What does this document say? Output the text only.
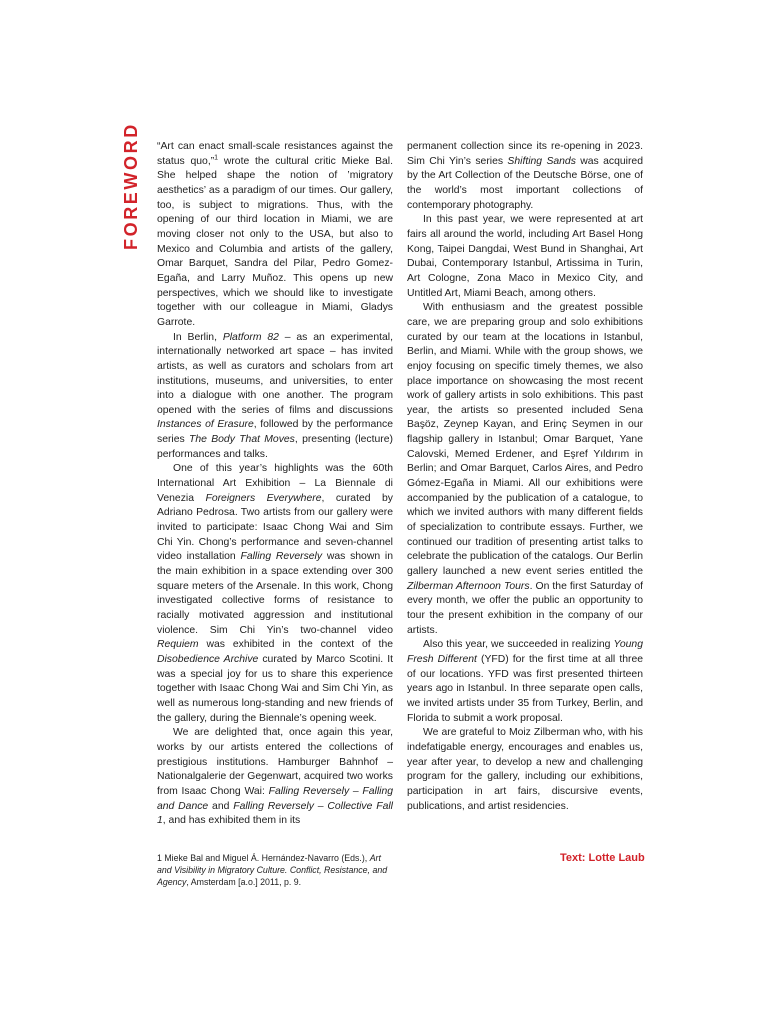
FOREWORD “Art can enact small-scale resistances against the status quo,”$^1$ wrote the cultural critic Mieke Bal. She helped shape the notion of ’migratory aesthetics’ as a paradigm of our times. Our gallery, too, is subject to migrations. Thus, with the opening of our third location in Miami, we are moving closer not only to the USA, but also to Mexico and Columbia and artists of the gallery, Omar Barquet, Sandra del Pilar, Pedro Gomez-Egaña, and Larry Muñoz. This opens up new perspectives, which we should like to investigate together with our colleague in Miami, Gladys Garrote.

In Berlin, Platform 82 – as an experimental, internationally networked art space – has invited artists, as well as curators and scholars from art institutions, museums, and universities, to enter into a dialogue with one another. The program opened with the series of films and discussions Instances of Erasure, followed by the performance series The Body That Moves, presenting (lecture) performances and talks.

One of this year’s highlights was the 60th International Art Exhibition – La Biennale di Venezia Foreigners Everywhere, curated by Adriano Pedrosa. Two artists from our gallery were invited to participate: Isaac Chong Wai and Sim Chi Yin. Chong’s performance and seven-channel video installation Falling Reversely was shown in the main exhibition in a space extending over 300 square meters of the Arsenale. In this work, Chong investigated collective forms of resistance to racially motivated aggression and institutional violence. Sim Chi Yin’s two-channel video Requiem was exhibited in the context of the Disobedience Archive curated by Marco Scotini. It was a special joy for us to share this experience together with Isaac Chong Wai and Sim Chi Yin, as well as numerous long-standing and new friends of the gallery, during the Biennale’s opening week.

We are delighted that, once again this year, works by our artists entered the collections of prestigious institutions. Hamburger Bahnhof – Nationalgalerie der Gegenwart, acquired two works from Isaac Chong Wai: Falling Reversely – Falling and Dance and Falling Reversely – Collective Fall 1, and has exhibited them in its

permanent collection since its re-opening in 2023. Sim Chi Yin’s series Shifting Sands was acquired by the Art Collection of the Deutsche Börse, one of the world’s most important collections of contemporary photography.

In this past year, we were represented at art fairs all around the world, including Art Basel Hong Kong, Taipei Dangdai, West Bund in Shanghai, Art Dubai, Contemporary Istanbul, Artissima in Turin, Art Cologne, Zona Maco in Mexico City, and Untitled Art, Miami Beach, among others.

With enthusiasm and the greatest possible care, we are preparing group and solo exhibitions curated by our team at the locations in Istanbul, Berlin, and Miami. While with the group shows, we enjoy focusing on specific timely themes, we also place importance on showcasing the most recent work of gallery artists in solo exhibitions. This past year, the artists so presented included Sena Başöz, Zeynep Kayan, and Erinç Seymen in our flagship gallery in Istanbul; Omar Barquet, Yane Calovski, Memed Erdener, and Eşref Yıldırım in Berlin; and Omar Barquet, Carlos Aires, and Pedro Gómez-Egaña in Miami. All our exhibitions were accompanied by the publication of a catalogue, to which we invited authors with many different fields of specialization to contribute essays. Further, we continued our tradition of presenting artist talks to celebrate the publication of the catalogs. Our Berlin gallery launched a new event series entitled the Zilberman Afternoon Tours. On the first Saturday of every month, we offer the public an opportunity to tour the present exhibition in the company of our artists.

Also this year, we succeeded in realizing Young Fresh Different (YFD) for the first time at all three of our locations. YFD was first presented thirteen years ago in Istanbul. In three separate open calls, we invited artists under 35 from Turkey, Berlin, and Florida to submit a work proposal.

We are grateful to Moiz Zilberman who, with his indefatigable energy, encourages and enables us, year after year, to develop a new and challenging program for the gallery, including our exhibitions, participation in art fairs, discursive events, publications, and artist residencies.

1 Mieke Bal and Miguel Á. Hernández-Navarro (Eds.), Art and Visibility in Migratory Culture. Conflict, Resistance, and Agency, Amsterdam [a.o.] 2011, p. 9.

Text: Lotte Laub
